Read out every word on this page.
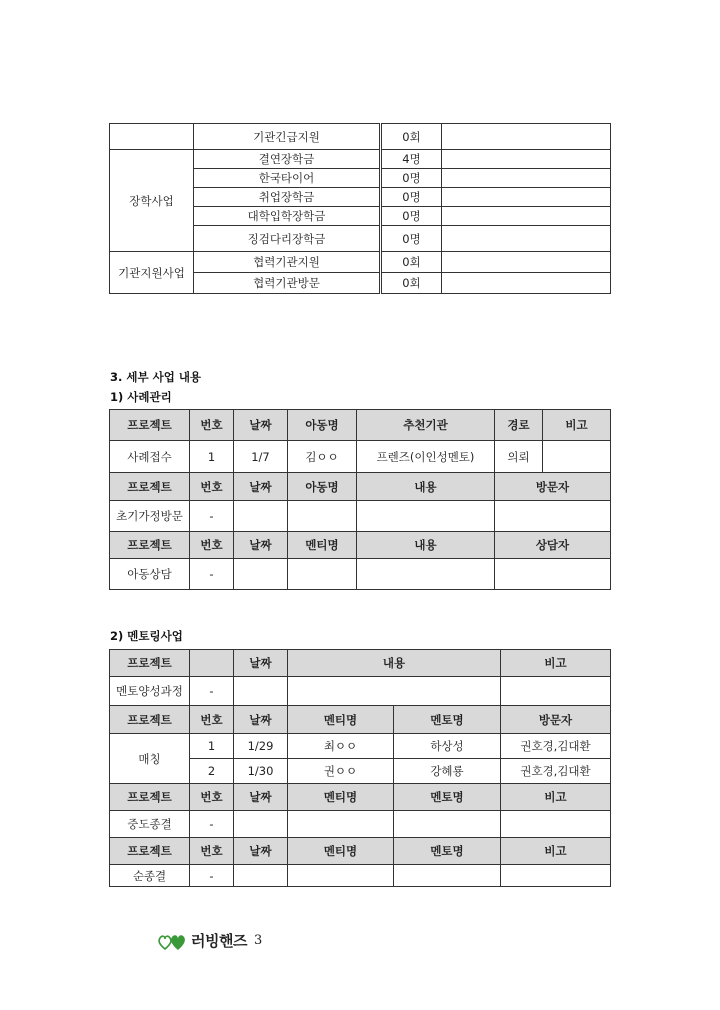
	기관긴급지원	0회	
장학사업	결연장학금	4명	
	한국타이어	0명	
	취업장학금	0명	
	대학입학장학금	0명	
	징검다리장학금	0명	
기관지원사업	협력기관지원	0회	
	협력기관방문	0회	
3. 세부 사업 내용
1) 사례관리
프로젝트	번호	날짜	아동명	추천기관	경로	비고
사례접수	1	1/7	김ㅇㅇ	프렌즈(이인성멘토)	의뢰	
프로젝트	번호	날짜	아동명	내용	방문자	
초기가정방문	-					
프로젝트	번호	날짜	멘티명	내용	상담자	
아동상담	-					
2) 멘토링사업
프로젝트		날짜	내용		비고
멘토양성과정	-				
프로젝트	번호	날짜	멘티명	멘토명	방문자
매칭	1	1/29	최ㅇㅇ	하상성	권호경,김대환
	2	1/30	권ㅇㅇ	강혜룡	권호경,김대환
프로젝트	번호	날짜	멘티명	멘토명	비고
중도종결	-				
프로젝트	번호	날짜	멘티명	멘토명	비고
순종결	-				
러빙핸즈 3
